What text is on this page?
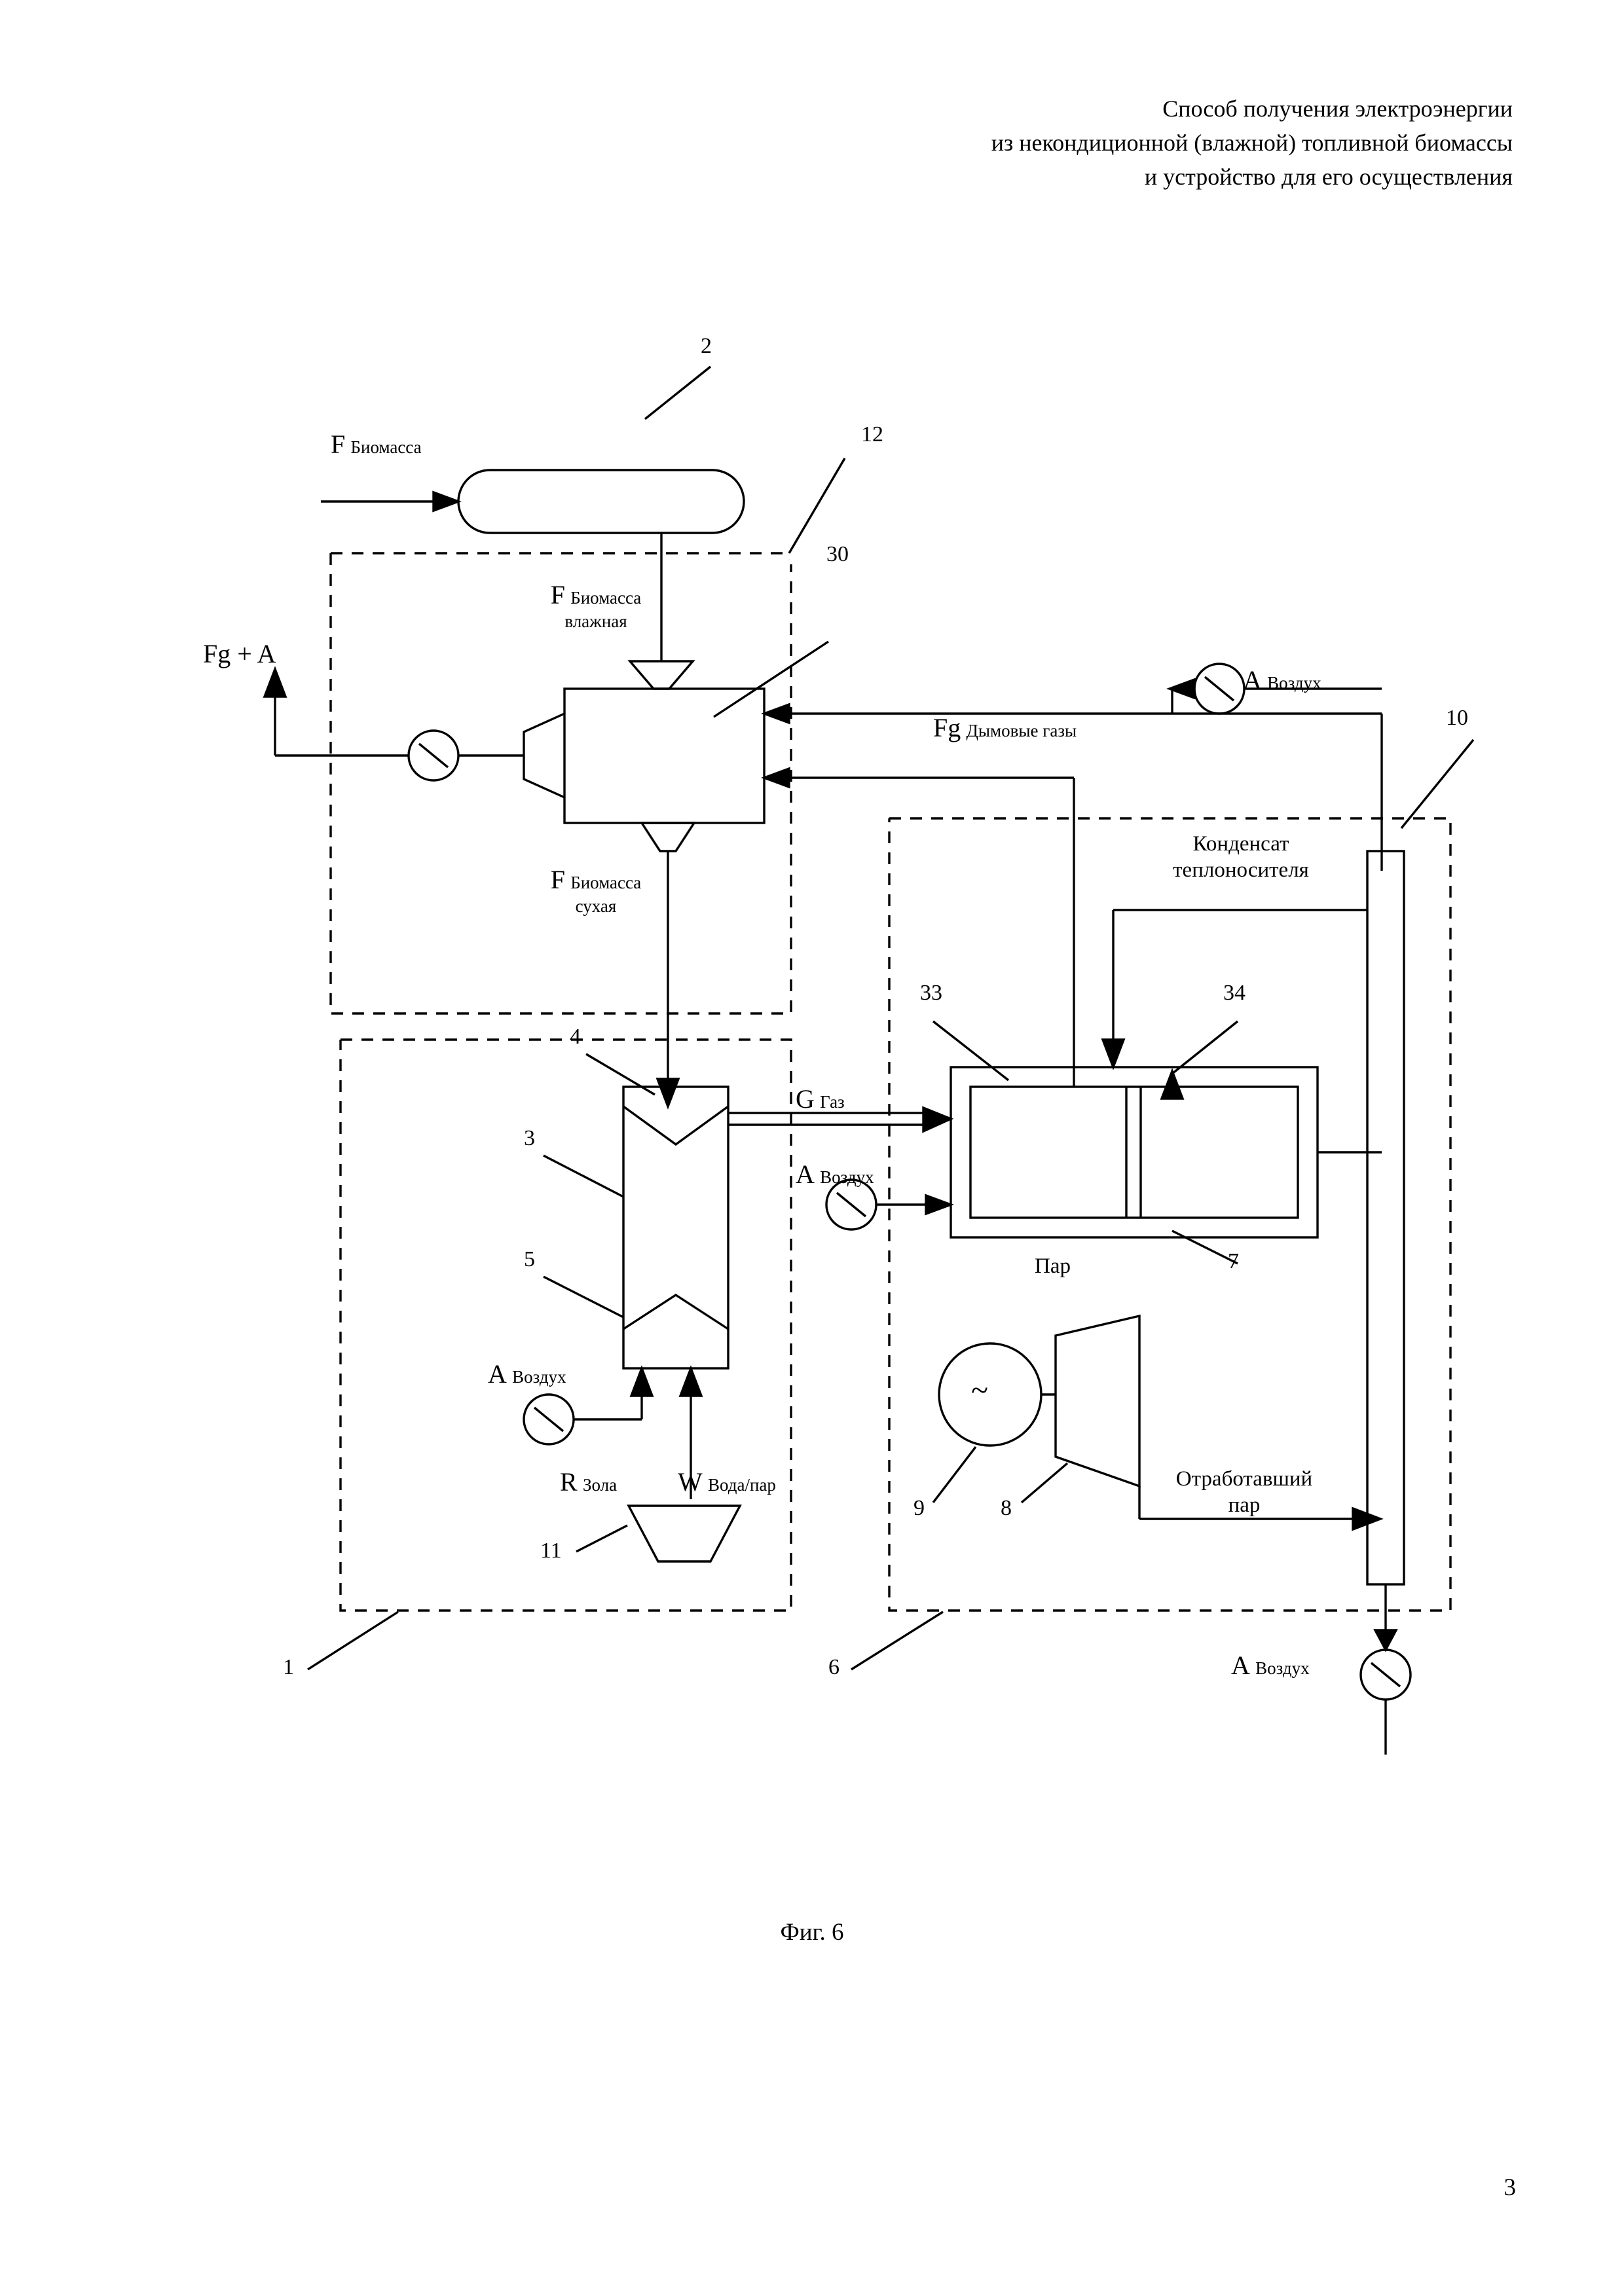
Способ получения электроэнергии
из некондиционной (влажной) топливной биомассы
и устройство для его осуществления
F Биомасса
F Биомасса
влажная
F Биомасса
сухая
Fg + A
Fg Дымовые газы
A Воздух
Конденсат
теплоносителя
G Газ
A Воздух
A Воздух
R Зола W Вода/пар
Пар
Отработавший
пар
A Воздух
~
2
12
30
10
33	34
4
3
5	7
9	8
11
1	6
Фиг. 6
3
